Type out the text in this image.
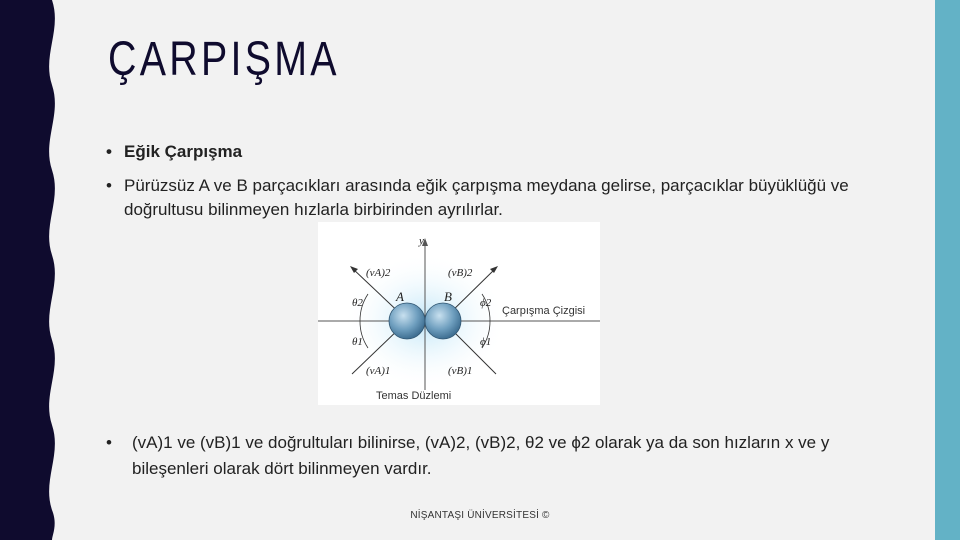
ÇARPIŞMA
• Eğik Çarpışma
• Pürüzsüz A ve B parçacıkları arasında eğik çarpışma meydana gelirse, parçacıklar büyüklüğü ve doğrultusu bilinmeyen hızlarla birbirinden ayrılırlar.
y
A	B
(vA)2	(vB)2
(vA)1	(vB)1
θ2
θ1
ϕ2
ϕ1
Çarpışma Çizgisi
Temas Düzlemi
•	(vA)1 ve (vB)1 ve doğrultuları bilinirse, (vA)2, (vB)2, θ2 ve ϕ2 olarak ya da son hızların x ve y bileşenleri olarak dört bilinmeyen vardır.
NİŞANTAŞI ÜNİVERSİTESİ ©
